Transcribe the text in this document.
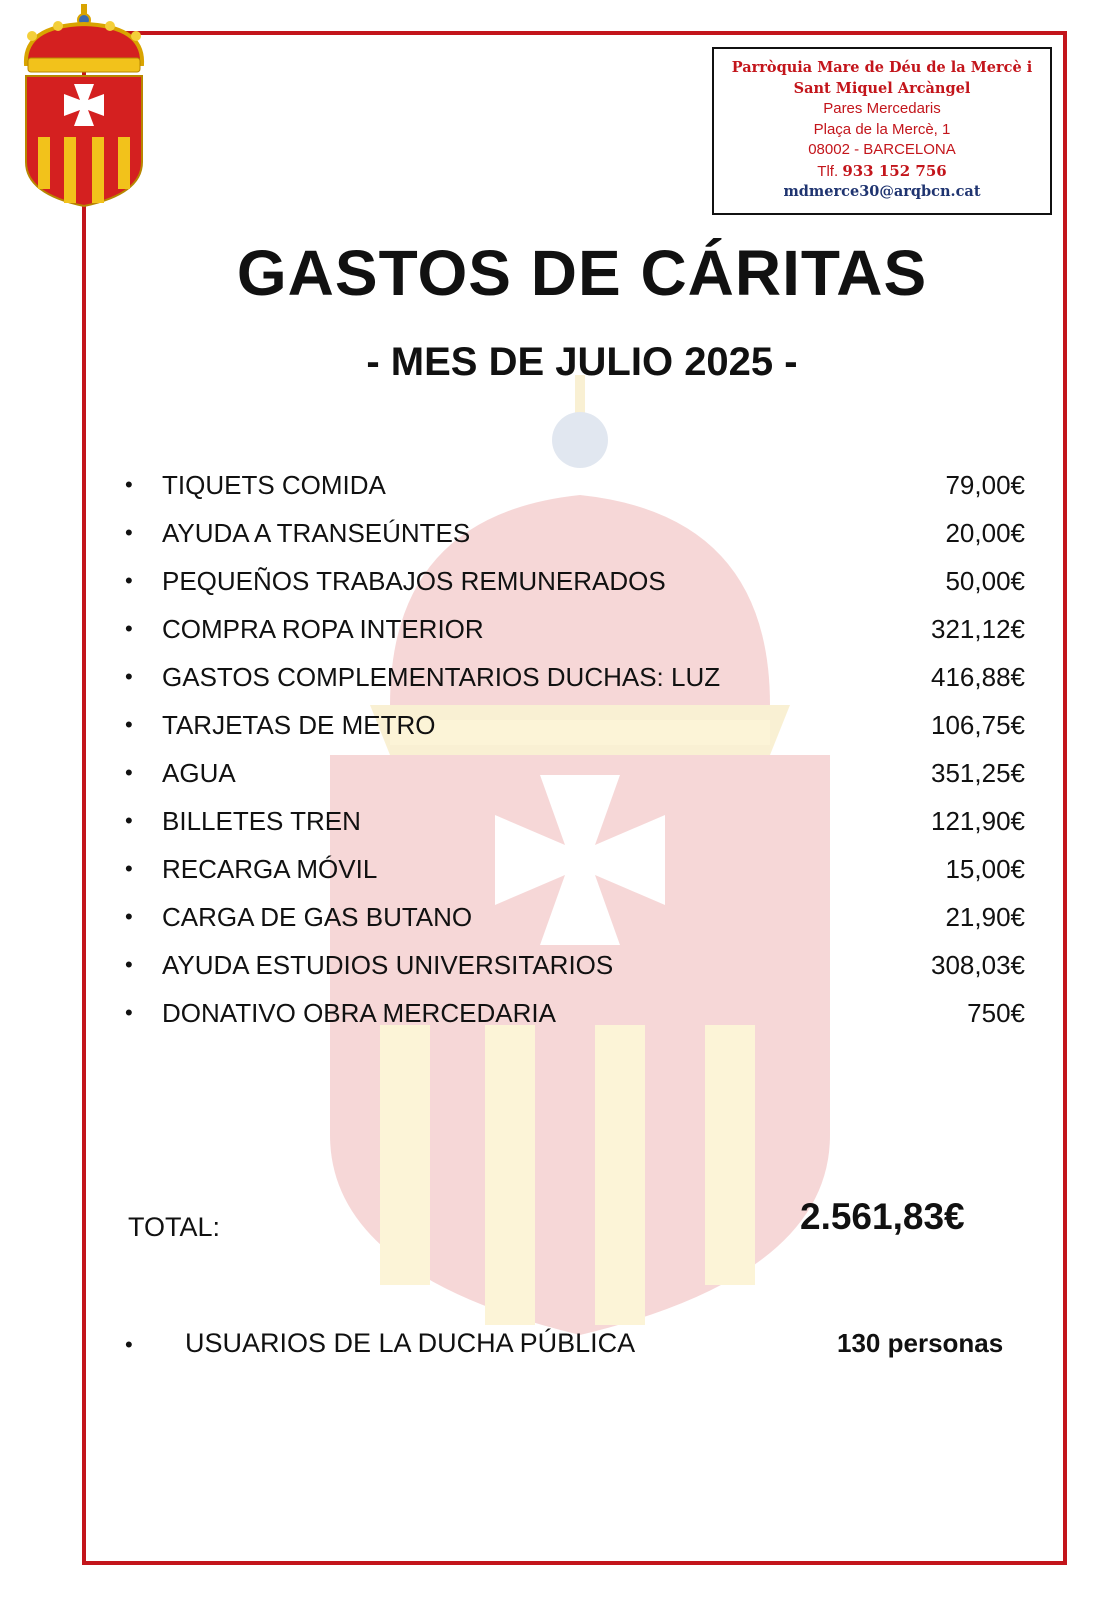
Parròquia Mare de Déu de la Mercè i
Sant Miquel Arcàngel
Pares Mercedaris
Plaça de la Mercè, 1
08002 - BARCELONA
Tlf. 933 152 756
mdmerce30@arqbcn.cat
GASTOS DE CÁRITAS
- MES DE JULIO 2025 -
• TIQUETS COMIDA	79,00€
• AYUDA A TRANSEÚNTES	20,00€
• PEQUEÑOS TRABAJOS REMUNERADOS	50,00€
• COMPRA ROPA INTERIOR	321,12€
• GASTOS COMPLEMENTARIOS DUCHAS: LUZ	416,88€
• TARJETAS DE METRO	106,75€
• AGUA	351,25€
• BILLETES TREN	121,90€
• RECARGA MÓVIL	15,00€
• CARGA DE GAS BUTANO	21,90€
• AYUDA ESTUDIOS UNIVERSITARIOS	308,03€
• DONATIVO OBRA MERCEDARIA	750€
TOTAL:	2.561,83€
• USUARIOS DE LA DUCHA PÚBLICA	130 personas
